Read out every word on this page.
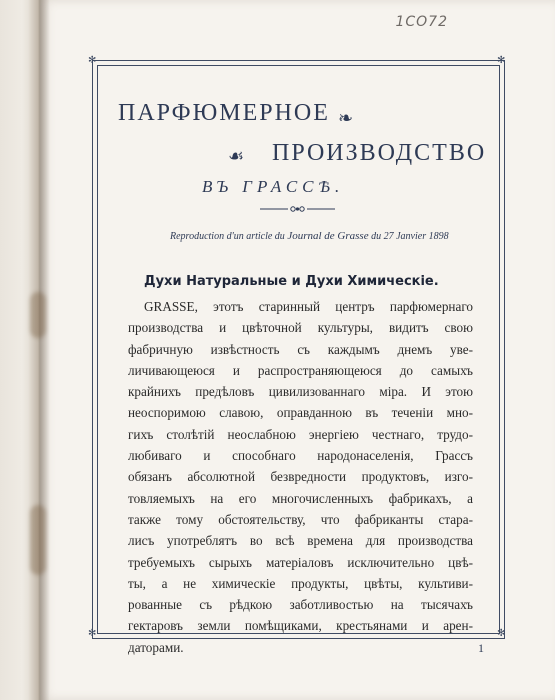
1CO72
✻	✻
✻	✻
ПАРФЮМЕРНОЕ ❧
☙ ПРОИЗВОДСТВО
ВЪ ГРАССѢ.
Reproduction d'un article du Journal de Grasse du 27 Janvier 1898
Духи Натуральные и Духи Химическіе.
GRASSE, этотъ старинный центръ парфюмернаго
производства и цвѣточной культуры, видитъ свою
фабричную извѣстность съ каждымъ днемъ уве-
личивающеюся и распространяющеюся до самыхъ
крайнихъ предѣловъ цивилизованнаго міра. И этою
неоспоримою славою, оправданною въ теченіи мно-
гихъ столѣтій неослабною энергіею честнаго, трудо-
любиваго и способнаго народонаселенія, Грассъ
обязанъ абсолютной безвредности продуктовъ, изго-
товляемыхъ на его многочисленныхъ фабрикахъ, а
также тому обстоятельству, что фабриканты стара-
лисъ употреблятъ во всѣ времена для производства
требуемыхъ сырыхъ матеріаловъ исключительно цвѣ-
ты, а не химическіе продукты, цвѣты, культиви-
рованные съ рѣдкою заботливостью на тысячахъ
гектаровъ земли помѣщиками, крестьянами и арен-
даторами.	1
